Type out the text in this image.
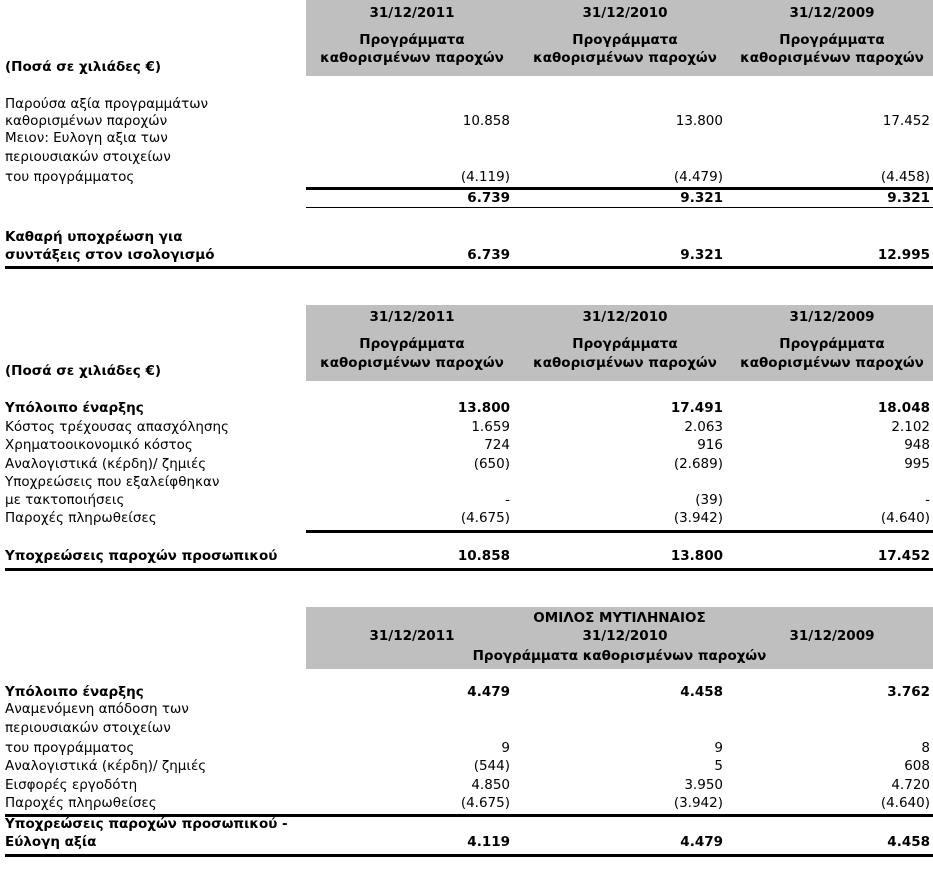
31/12/2011	31/12/2010	31/12/2009
Προγράμματα	Προγράμματα	Προγράμματα
καθορισμένων παροχών	καθορισμένων παροχών	καθορισμένων παροχών
(Ποσά σε χιλιάδες €)
Παρούσα αξία προγραμμάτων
καθορισμένων παροχών	10.858	13.800	17.452
Μειον: Ευλογη αξια των
περιουσιακών στοιχείων
του προγράμματος	(4.119)	(4.479)	(4.458)
6.739	9.321	9.321
Καθαρή υποχρέωση για
συντάξεις στον ισολογισμό	6.739	9.321	12.995
31/12/2011	31/12/2010	31/12/2009
Προγράμματα	Προγράμματα	Προγράμματα
καθορισμένων παροχών	καθορισμένων παροχών	καθορισμένων παροχών
(Ποσά σε χιλιάδες €)
Υπόλοιπο έναρξης	13.800	17.491	18.048
Κόστος τρέχουσας απασχόλησης	1.659	2.063	2.102
Χρηματοοικονομικό κόστος	724	916	948
Αναλογιστικά (κέρδη)/ ζημιές	(650)	(2.689)	995
Υποχρεώσεις που εξαλείφθηκαν
με τακτοποιήσεις	-	(39)	-
Παροχές πληρωθείσες	(4.675)	(3.942)	(4.640)
Υποχρεώσεις παροχών προσωπικού	10.858	13.800	17.452
ΟΜΙΛΟΣ ΜΥΤΙΛΗΝΑΙΟΣ
31/12/2011	31/12/2010	31/12/2009
Προγράμματα καθορισμένων παροχών
Υπόλοιπο έναρξης	4.479	4.458	3.762
Αναμενόμενη απόδοση των
περιουσιακών στοιχείων
του προγράμματος	9	9	8
Αναλογιστικά (κέρδη)/ ζημιές	(544)	5	608
Εισφορές εργοδότη	4.850	3.950	4.720
Παροχές πληρωθείσες	(4.675)	(3.942)	(4.640)
Υποχρεώσεις παροχών προσωπικού -
Εύλογη αξία	4.119	4.479	4.458
